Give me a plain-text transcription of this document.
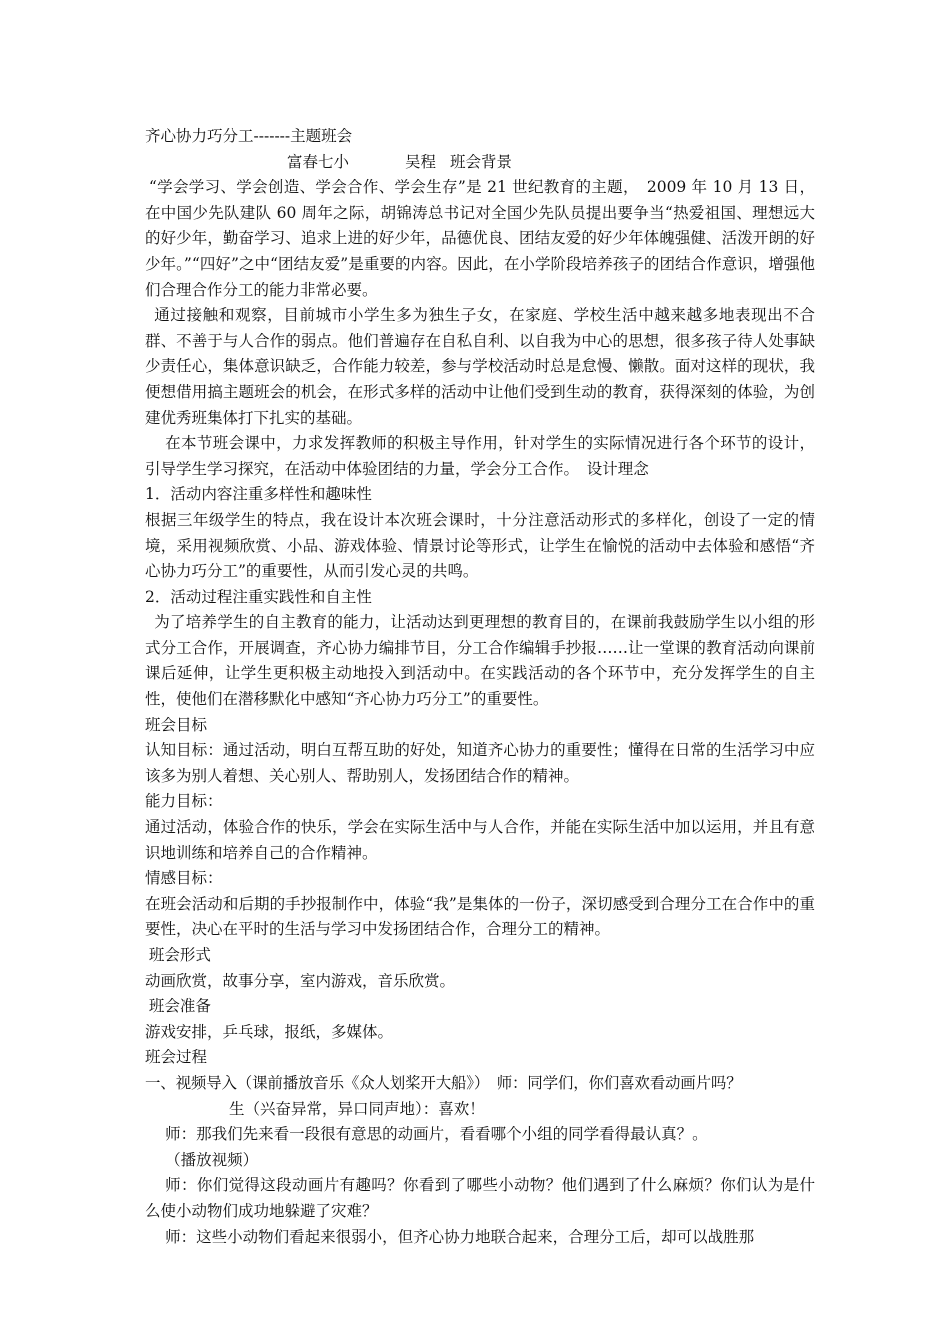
齐心协力巧分工-------主题班会

富春七小	吴程 班会背景

“学会学习、学会创造、学会合作、学会生存”是 21 世纪教育的主题，　2009 年 10 月 13 日，在中国少先队建队 60 周年之际，胡锦涛总书记对全国少先队员提出要争当“热爱祖国、理想远大的好少年，勤奋学习、追求上进的好少年，品德优良、团结友爱的好少年体魄强健、活泼开朗的好少年。”“四好”之中“团结友爱”是重要的内容。因此，在小学阶段培养孩子的团结合作意识，增强他们合理合作分工的能力非常必要。

通过接触和观察，目前城市小学生多为独生子女，在家庭、学校生活中越来越多地表现出不合群、不善于与人合作的弱点。他们普遍存在自私自利、以自我为中心的思想，很多孩子待人处事缺少责任心，集体意识缺乏，合作能力较差，参与学校活动时总是怠慢、懒散。面对这样的现状，我便想借用搞主题班会的机会，在形式多样的活动中让他们受到生动的教育，获得深刻的体验，为创建优秀班集体打下扎实的基础。

在本节班会课中，力求发挥教师的积极主导作用，针对学生的实际情况进行各个环节的设计，引导学生学习探究，在活动中体验团结的力量，学会分工合作。　设计理念

1．活动内容注重多样性和趣味性

根据三年级学生的特点，我在设计本次班会课时，十分注意活动形式的多样化，创设了一定的情境，采用视频欣赏、小品、游戏体验、情景讨论等形式，让学生在愉悦的活动中去体验和感悟“齐心协力巧分工”的重要性，从而引发心灵的共鸣。

2．活动过程注重实践性和自主性

为了培养学生的自主教育的能力，让活动达到更理想的教育目的，在课前我鼓励学生以小组的形式分工合作，开展调查，齐心协力编排节目，分工合作编辑手抄报……让一堂课的教育活动向课前课后延伸，让学生更积极主动地投入到活动中。在实践活动的各个环节中，充分发挥学生的自主性，使他们在潜移默化中感知“齐心协力巧分工”的重要性。

班会目标

认知目标：通过活动，明白互帮互助的好处，知道齐心协力的重要性；懂得在日常的生活学习中应该多为别人着想、关心别人、帮助别人，发扬团结合作的精神。

能力目标：

通过活动，体验合作的快乐，学会在实际生活中与人合作，并能在实际生活中加以运用，并且有意识地训练和培养自己的合作精神。

情感目标：

在班会活动和后期的手抄报制作中，体验“我”是集体的一份子，深切感受到合理分工在合作中的重要性，决心在平时的生活与学习中发扬团结合作，合理分工的精神。

班会形式

动画欣赏，故事分享，室内游戏，音乐欣赏。

班会准备

游戏安排，乒乓球，报纸，多媒体。

班会过程

一、视频导入（课前播放音乐《众人划桨开大船》）　师：同学们，你们喜欢看动画片吗？

生（兴奋异常，异口同声地）：喜欢！

师：那我们先来看一段很有意思的动画片，看看哪个小组的同学看得最认真？。

（播放视频）

师：你们觉得这段动画片有趣吗？你看到了哪些小动物？他们遇到了什么麻烦？你们认为是什么使小动物们成功地躲避了灾难？

师：这些小动物们看起来很弱小，但齐心协力地联合起来，合理分工后，却可以战胜那
